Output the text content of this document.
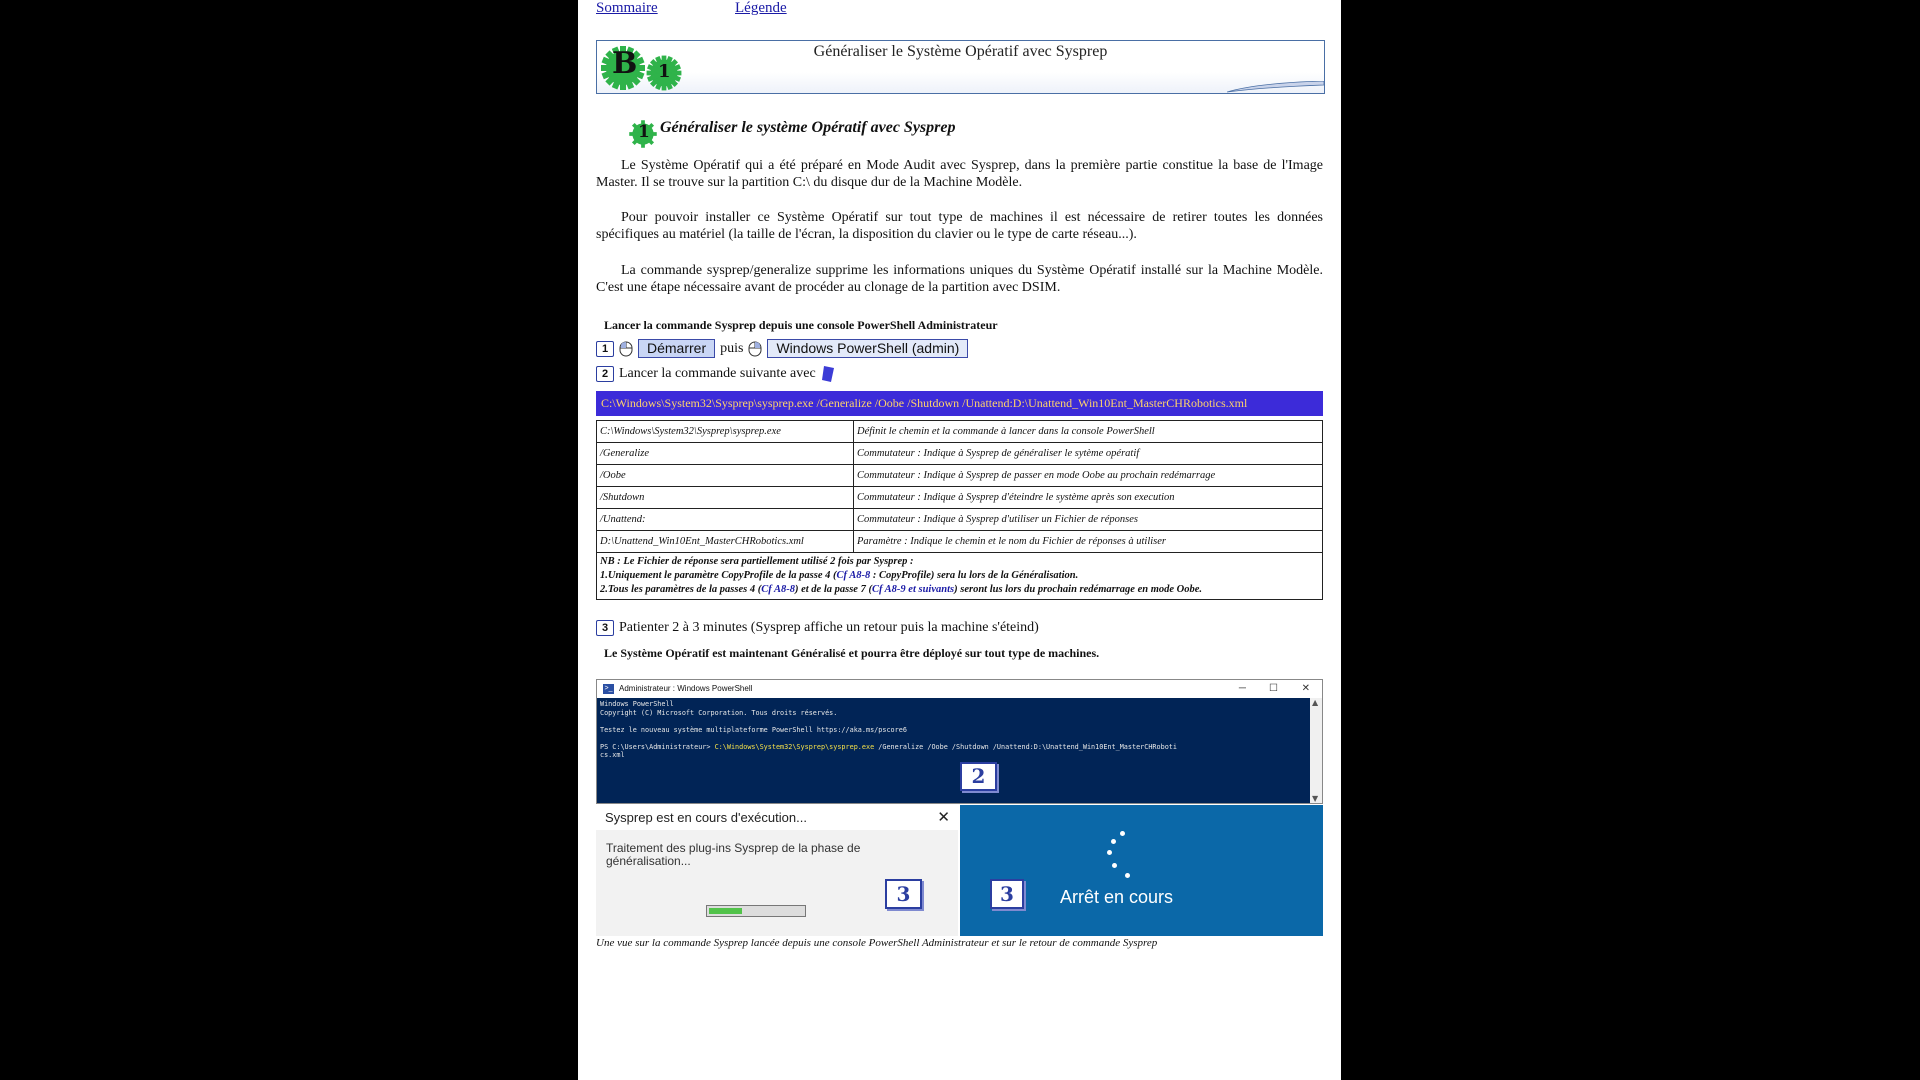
Sommaire	Légende
B 1
Généraliser le Système Opératif avec Sysprep
1 Généraliser le système Opératif avec Sysprep
Le Système Opératif qui a été préparé en Mode Audit avec Sysprep, dans la première partie constitue la base de l'Image Master. Il se trouve sur la partition C:\ du disque dur de la Machine Modèle.
Pour pouvoir installer ce Système Opératif sur tout type de machines il est nécessaire de retirer toutes les données spécifiques au matériel (la taille de l'écran, la disposition du clavier ou le type de carte réseau...).
La commande sysprep/generalize supprime les informations uniques du Système Opératif installé sur la Machine Modèle. C'est une étape nécessaire avant de procéder au clonage de la partition avec DSIM.
Lancer la commande Sysprep depuis une console PowerShell Administrateur
1	Démarrer	puis	Windows PowerShell (admin)
2 Lancer la commande suivante avec
C:\Windows\System32\Sysprep\sysprep.exe /Generalize /Oobe /Shutdown /Unattend:D:\Unattend_Win10Ent_MasterCHRobotics.xml
C:\Windows\System32\Sysprep\sysprep.exe	Définit le chemin et la commande à lancer dans la console PowerShell
/Generalize	Commutateur : Indique à Sysprep de généraliser le sytème opératif
/Oobe	Commutateur : Indique à Sysprep de passer en mode Oobe au prochain redémarrage
/Shutdown	Commutateur : Indique à Sysprep d'éteindre le système après son execution
/Unattend:	Commutateur : Indique à Sysprep d'utiliser un Fichier de réponses
D:\Unattend_Win10Ent_MasterCHRobotics.xml	Paramètre : Indique le chemin et le nom du Fichier de réponses à utiliser

NB : Le Fichier de réponse sera partiellement utilisé 2 fois par Sysprep :
1.Uniquement le paramètre CopyProfile de la passe 4 (Cf A8-8 : CopyProfile) sera lu lors de la Généralisation.
2.Tous les paramètres de la passes 4 (Cf A8-8) et de la passe 7 (Cf A8-9 et suivants) seront lus lors du prochain redémarrage en mode Oobe.	
3 Patienter 2 à 3 minutes (Sysprep affiche un retour puis la machine s'éteind)
Le Système Opératif est maintenant Généralisé et pourra être déployé sur tout type de machines.
>_ Administrateur : Windows PowerShell	─ ☐ ✕
Windows PowerShell
Copyright (C) Microsoft Corporation. Tous droits réservés.

Testez le nouveau système multiplateforme PowerShell https://aka.ms/pscore6

PS C:\Users\Administrateur> C:\Windows\System32\Sysprep\sysprep.exe /Generalize /Oobe /Shutdown /Unattend:D:\Unattend_Win10Ent_MasterCHRoboti
cs.xml
▲
▼
2
Sysprep est en cours d'exécution...	✕
Traitement des plug-ins Sysprep de la phase de généralisation...
3	3	Arrêt en cours
Une vue sur la commande Sysprep lancée depuis une console PowerShell Administrateur et sur le retour de commande Sysprep
